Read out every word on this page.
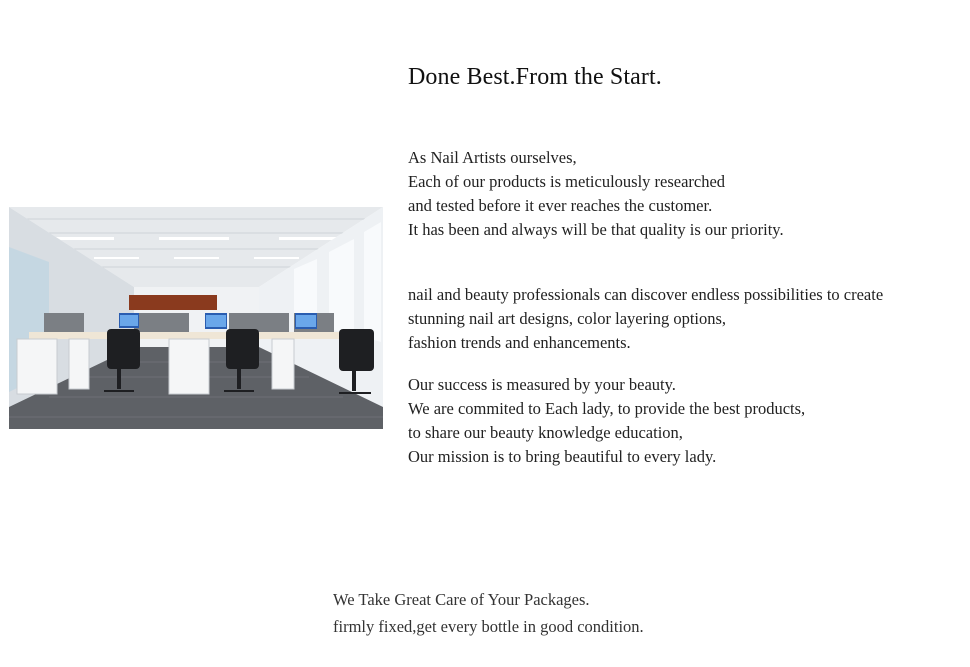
Done Best.From the Start.

As Nail Artists ourselves,
Each of our products is meticulously researched
and tested before it ever reaches the customer.
It has been and always will be that quality is our priority.

nail and beauty professionals can discover endless possibilities to create
stunning nail art designs, color layering options,
fashion trends and enhancements.

Our success is measured by your beauty.
We are commited to Each lady, to provide the best products,
to share our beauty knowledge education,
Our mission is to bring beautiful to every lady.

We Take Great Care of Your Packages.
firmly fixed,get every bottle in good condition.
